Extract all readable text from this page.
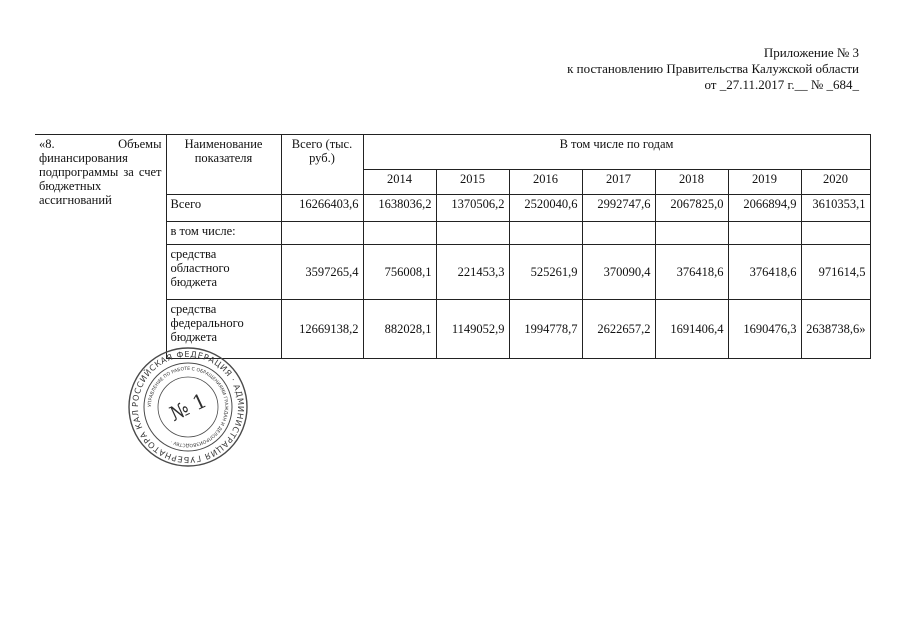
Приложение № 3
к постановлению Правительства Калужской области
от _27.11.2017 г.__ № _684_
«8. Объемы финансирования подпрограммы за счет бюджетных ассигнований	Наименование показателя	Всего (тыс. руб.)	В том числе по годам						
			2014	2015	2016	2017	2018	2019	2020
	Всего	16266403,6	1638036,2	1370506,2	2520040,6	2992747,6	2067825,0	2066894,9	3610353,1
	в том числе:								
	средства областного бюджета	3597265,4	756008,1	221453,3	525261,9	370090,4	376418,6	376418,6	971614,5
	средства федерального бюджета	12669138,2	882028,1	1149052,9	1994778,7	2622657,2	1691406,4	1690476,3	2638738,6»
РОССИЙСКАЯ ФЕДЕРАЦИЯ · АДМИНИСТРАЦИЯ ГУБЕРНАТОРА КАЛ
УПРАВЛЕНИЕ ПО РАБОТЕ С ОБРАЩЕНИЯМИ ГРАЖДАН И ДЕЛОПРОИЗВОДСТВУ ·
№ 1
